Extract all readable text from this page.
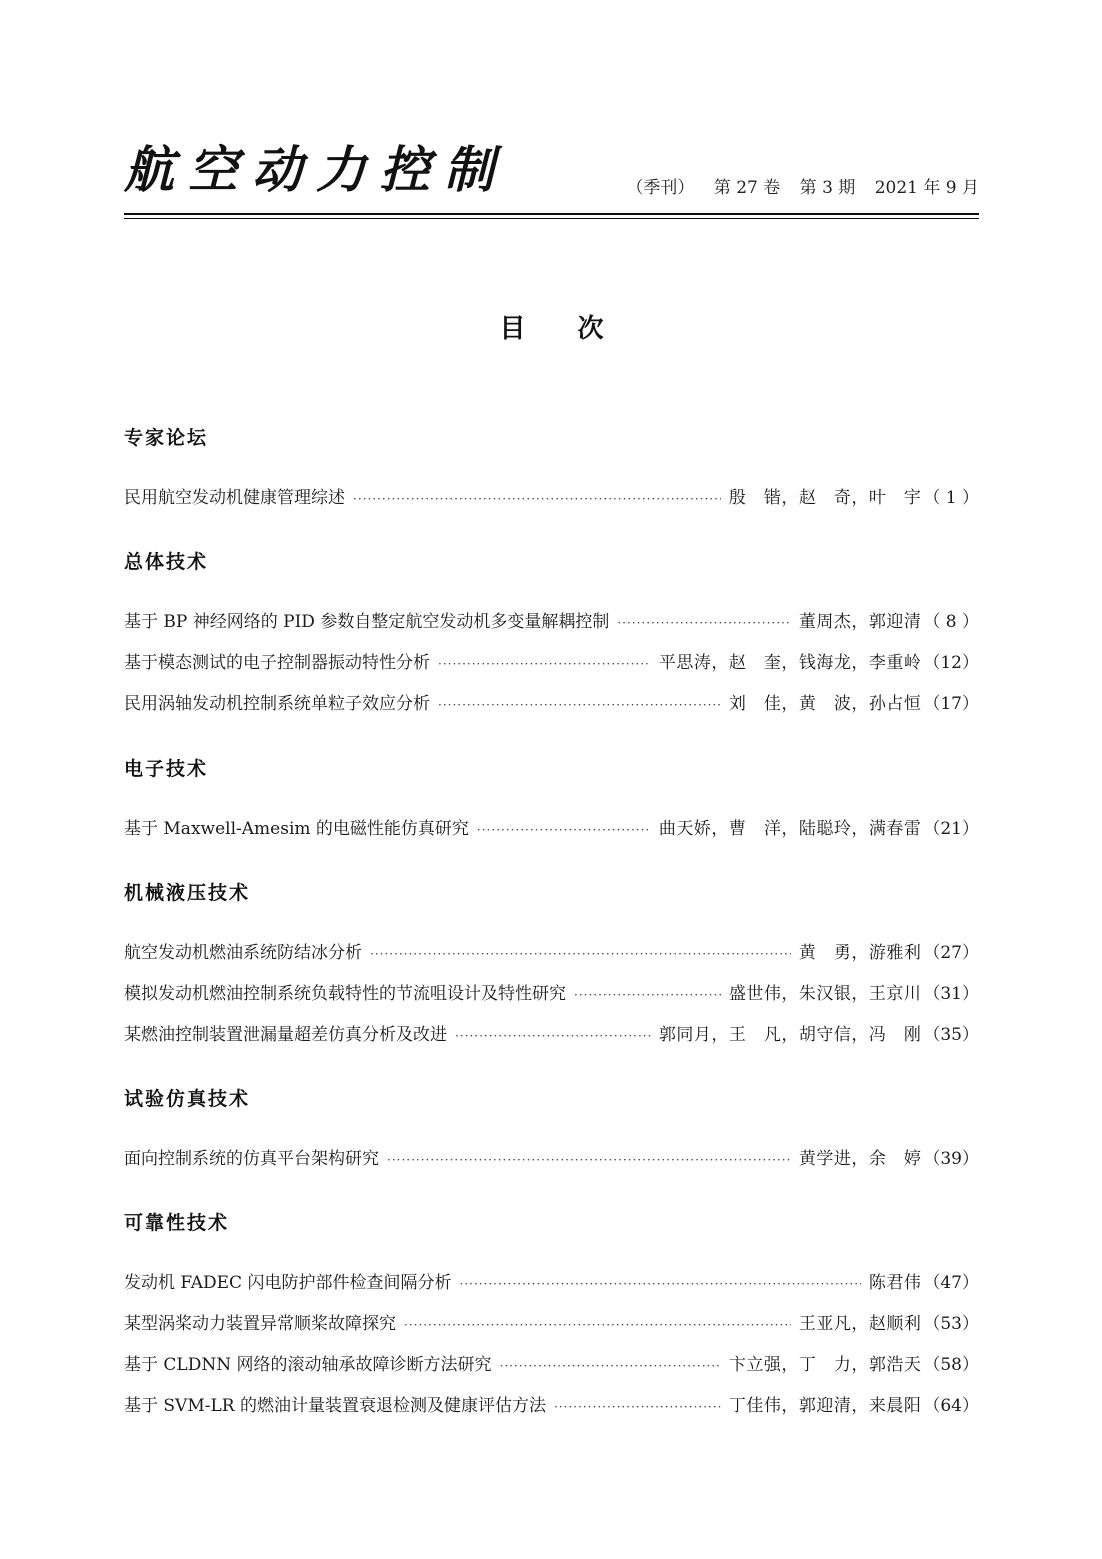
航空动力控制	（季刊） 第 27 卷 第 3 期 2021 年 9 月
目次
专家论坛
民用航空发动机健康管理综述 ·····	殷　锴，赵　奇，叶　宇 （ 1 ）
总体技术
基于 BP 神经网络的 PID 参数自整定航空发动机多变量解耦控制 ·····	董周杰，郭迎清 （ 8 ）
基于模态测试的电子控制器振动特性分析 ·····	平思涛，赵　奎，钱海龙，李重岭 （12）
民用涡轴发动机控制系统单粒子效应分析 ·····	刘　佳，黄　波，孙占恒 （17）
电子技术
基于 Maxwell-Amesim 的电磁性能仿真研究 ·····	曲天娇，曹　洋，陆聪玲，满春雷 （21）
机械液压技术
航空发动机燃油系统防结冰分析 ·····	黄　勇，游雅利 （27）
模拟发动机燃油控制系统负载特性的节流咀设计及特性研究 ·····	盛世伟，朱汉银，王京川 （31）
某燃油控制装置泄漏量超差仿真分析及改进 ·····	郭同月，王　凡，胡守信，冯　刚 （35）
试验仿真技术
面向控制系统的仿真平台架构研究 ·····	黄学进，余　婷 （39）
可靠性技术
发动机 FADEC 闪电防护部件检查间隔分析 ·····	陈君伟 （47）
某型涡桨动力装置异常顺桨故障探究 ·····	王亚凡，赵顺利 （53）
基于 CLDNN 网络的滚动轴承故障诊断方法研究 ·····	卞立强，丁　力，郭浩天 （58）
基于 SVM-LR 的燃油计量装置衰退检测及健康评估方法 ·····	丁佳伟，郭迎清，来晨阳 （64）
